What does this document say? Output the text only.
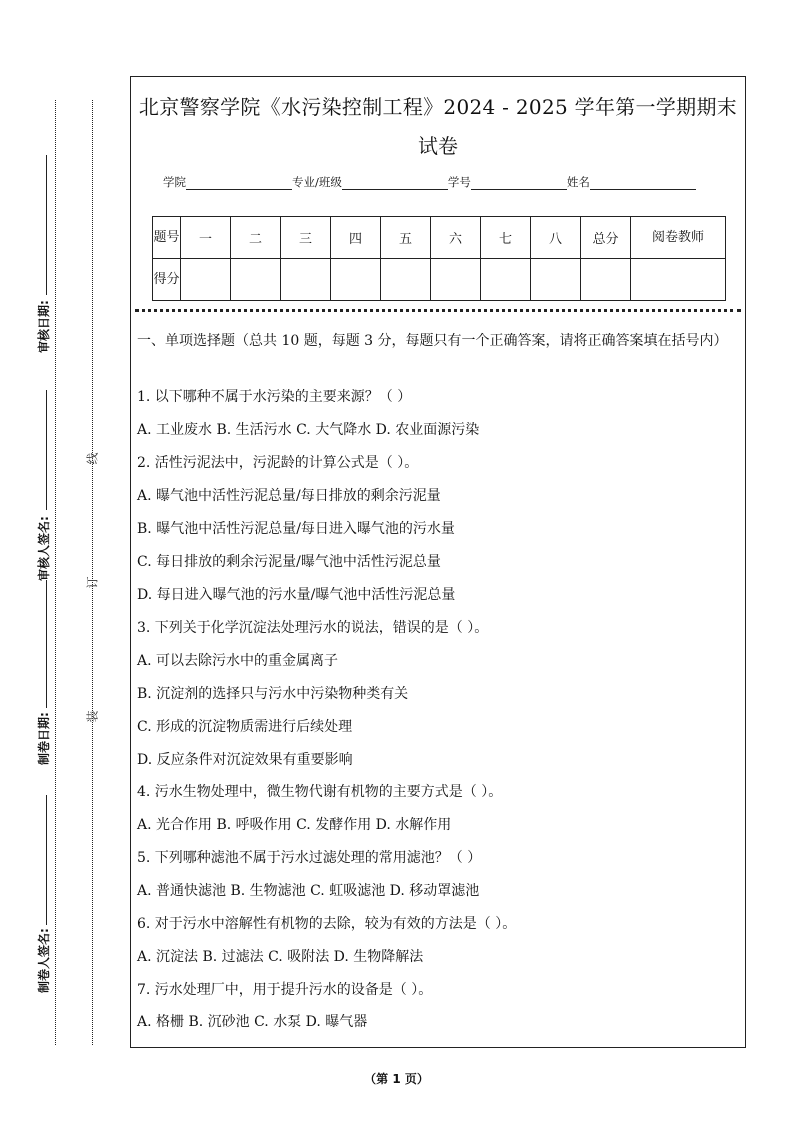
审核日期:
审核人签名:
制卷日期:
制卷人签名:
线
订
装
北京警察学院《水污染控制工程》2024 - 2025 学年第一学期期末
试卷
学院	专业/班级	学号	姓名
题号	一	二	三	四	五	六	七	八	总分	阅卷教师
得分										
一、单项选择题（总共 10 题，每题 3 分，每题只有一个正确答案，请将正确答案填在括号内）
1. 以下哪种不属于水污染的主要来源？（ ）
A. 工业废水 B. 生活污水 C. 大气降水 D. 农业面源污染
2. 活性污泥法中，污泥龄的计算公式是（ ）。
A. 曝气池中活性污泥总量/每日排放的剩余污泥量
B. 曝气池中活性污泥总量/每日进入曝气池的污水量
C. 每日排放的剩余污泥量/曝气池中活性污泥总量
D. 每日进入曝气池的污水量/曝气池中活性污泥总量
3. 下列关于化学沉淀法处理污水的说法，错误的是（ ）。
A. 可以去除污水中的重金属离子
B. 沉淀剂的选择只与污水中污染物种类有关
C. 形成的沉淀物质需进行后续处理
D. 反应条件对沉淀效果有重要影响
4. 污水生物处理中，微生物代谢有机物的主要方式是（ ）。
A. 光合作用 B. 呼吸作用 C. 发酵作用 D. 水解作用
5. 下列哪种滤池不属于污水过滤处理的常用滤池？（ ）
A. 普通快滤池 B. 生物滤池 C. 虹吸滤池 D. 移动罩滤池
6. 对于污水中溶解性有机物的去除，较为有效的方法是（ ）。
A. 沉淀法 B. 过滤法 C. 吸附法 D. 生物降解法
7. 污水处理厂中，用于提升污水的设备是（ ）。
A. 格栅 B. 沉砂池 C. 水泵 D. 曝气器
（第 1 页）
